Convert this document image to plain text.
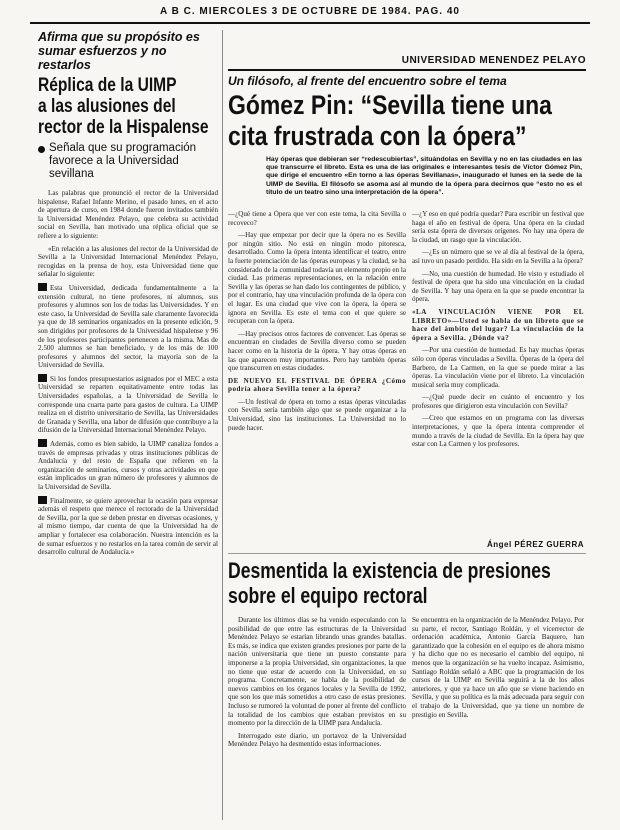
A B C. MIERCOLES 3 DE OCTUBRE DE 1984. PAG. 40
Afirma que su propósito es sumar esfuerzos y no restarlos
Réplica de la UIMP
a las alusiones del
rector de la Hispalense
Señala que su programación favorece a la Universidad sevillana

Las palabras que pronunció el rector de la Universidad hispalense, Rafael Infante Merino, el pasado lunes, en el acto de apertura de curso, en 1984 donde fueron invitados también la Universidad Menéndez Pelayo, que celebra su actividad social en Sevilla, han motivado una réplica oficial que se refiere a lo siguiente:

«En relación a las alusiones del rector de la Universidad de Sevilla a la Universidad Internacional Menéndez Pelayo, recogidas en la prensa de hoy, esta Universidad tiene que señalar lo siguiente:

Esta Universidad, dedicada fundamentalmente a la extensión cultural, no tiene profesores, ni alumnos, sus profesores y alumnos son los de todas las Universidades. Y en este caso, la Universidad de Sevilla sale claramente favorecida ya que de 18 seminarios organizados en la presente edición, 9 son dirigidos por profesores de la Universidad hispalense y 96 de los profesores participantes pertenecen a la misma. Mas de 2.500 alumnos se han beneficiado, y de los más de 100 profesores y alumnos del sector, la mayoría son de la Universidad de Sevilla.

Si los fondos presupuestarios asignados por el MEC a esta Universidad se reparten equitativamente entre todas las Universidades españolas, a la Universidad de Sevilla le corresponde una cuarta parte para gastos de cultura. La UIMP realiza en el distrito universitario de Sevilla, las Universidades de Granada y Sevilla, una labor de difusión que contribuye a la difusión de la Universidad Internacional Menéndez Pelayo.

Además, como es bien sabido, la UIMP canaliza fondos a través de empresas privadas y otras instituciones públicas de Andalucía y del resto de España que refieren en la organización de seminarios, cursos y otras actividades en que están implicados un gran número de profesores y alumnos de la Universidad de Sevilla.

Finalmente, se quiere aprovechar la ocasión para expresar además el respeto que merece el rectorado de la Universidad de Sevilla, por la que se deben prestar en diversas ocasiones, y al mismo tiempo, dar cuenta de que la Universidad ha de ampliar y fortalecer esa colaboración. Nuestra intención es la de sumar esfuerzos y no restarlos en la tarea común de servir al desarrollo cultural de Andalucía.»

UNIVERSIDAD MENENDEZ PELAYO
Un filósofo, al frente del encuentro sobre el tema
Gómez Pin: “Sevilla tiene una
cita frustrada con la ópera”
Hay óperas que debieran ser “redescubiertas”, situándolas en Sevilla y no en las ciudades en las que transcurre el libreto. Esta es una de las originales e interesantes tesis de Víctor Gómez Pin, que dirige el encuentro «En torno a las óperas Sevillanas», inaugurado el lunes en la sede de la UIMP de Sevilla. El filósofo se asoma así al mundo de la ópera para decirnos que “esto no es el título de un teatro sino una interpretación de la ópera”.

—¿Qué tiene a Ópera que ver con este tema, la cita Sevilla o recoveco?

—Hay que empezar por decir que la ópera no es Sevilla por ningún sitio. No está en ningún modo pitoresca, desarrollado. Como la ópera intenta identificar el teatro, entre la fuerte potenciación de las óperas europeas y la ciudad, se ha considerado de la comunidad todavía un elemento propio en la ciudad. Las primeras representaciones, en la relación entre Sevilla y las óperas se han dado los contingentes de público, y por el contrario, hay una vinculación profunda de la ópera con el lugar. Es una ciudad que vive con la ópera, la ópera se ignora en Sevilla. Es este el tema con el que quiere se recuperan con la ópera.

—Hay precisos otros factores de convencer. Las óperas se encuentran en ciudades de Sevilla diverso como se pueden hacer como en la historia de la ópera. Y hay otras óperas en las que aparecen muy importantes. Pero hay también óperas que transcurren en estas ciudades.

DE NUEVO EL FESTIVAL DE ÓPERA ¿Cómo podría ahora Sevilla tener a la ópera?

—Un festival de ópera en torno a estas óperas vinculadas con Sevilla sería también algo que se puede organizar a la Universidad, sino las instituciones. La Universidad no lo puede hacer.

—¿Y eso en qué podría quedar? Para escribir un festival que haga el año en festival de ópera. Una ópera en la ciudad sería esta ópera de diversos orígenes. No hay una ópera de la ciudad, un rasgo que la vinculación.

—¿Es un número que se ve al día al festival de la ópera, así tuvo un pasado perdido. Ha sido en la Sevilla a la ópera?

—No, una cuestión de humedad. He visto y estudiado el festival de ópera que ha sido una vinculación en la ciudad de Sevilla. Y hay una ópera en la que se puede encontrar la ópera.

«LA VINCULACIÓN VIENE POR EL LIBRETO»—Usted se habla de un libreto que se hace del ámbito del lugar? La vinculación de la ópera a Sevilla. ¿Dónde va?

—Por una cuestión de humedad. Es hay muchas óperas sólo con óperas vinculadas a Sevilla. Óperas de la ópera del Barbero, de La Carmen, en la que se puede mirar a las óperas. La vinculación viene por el libreto. La vinculación musical sería muy complicada.

—¿Qué puede decir en cuánto el encuentro y los profesores que dirigieron esta vinculación con Sevilla?

—Creo que estamos en un programa con las diversas interpretaciones, y que la ópera intenta comprender el mundo a través de la ciudad de Sevilla. En la ópera hay que estar con La Carmen y los profesores.

Ángel PÉREZ GUERRA
Desmentida la existencia de presiones
sobre el equipo rectoral

Durante los últimos días se ha venido especulando con la posibilidad de que entre las estructuras de la Universidad Menéndez Pelayo se estarían librando unas grandes batallas. Es más, se indica que existen grandes presiones por parte de la nación universitaria que tiene un puesto constante para imponerse a la propia Universidad, sin organizaciones, la que no tiene que estar de acuerdo con la Universidad, en su programa. Concretamente, se habla de la posibilidad de nuevos cambios en los órganos locales y la Sevilla de 1992, que son los que más sometidos a otro caso de estas presiones. Incluso se rumoreó la voluntad de poner al frente del conflicto la totalidad de los cambios que estaban previstos en su momento por la dirección de la UIMP para Andalucía.

Interrogado este diario, un portavoz de la Universidad Menéndez Pelayo ha desmentido estas informaciones.

Se encuentra en la organización de la Menéndez Pelayo. Por su parte, el rector, Santiago Roldán, y el vicerrector de ordenación académica, Antonio García Baquero, han garantizado que la cohesión en el equipo es de ahora mismo y ha dicho que no es necesario el cambio del equipo, ni menos que la organización se ha vuelto incapaz. Asimismo, Santiago Roldán señaló a ABC que la programación de los cursos de la UIMP en Sevilla seguirá a la de los años anteriores, y que ya hace un año que se viene haciendo en Sevilla, y que su política es la más adecuada para seguir con el trabajo de la Universidad, que ya tiene un nombre de prestigio en Sevilla.
